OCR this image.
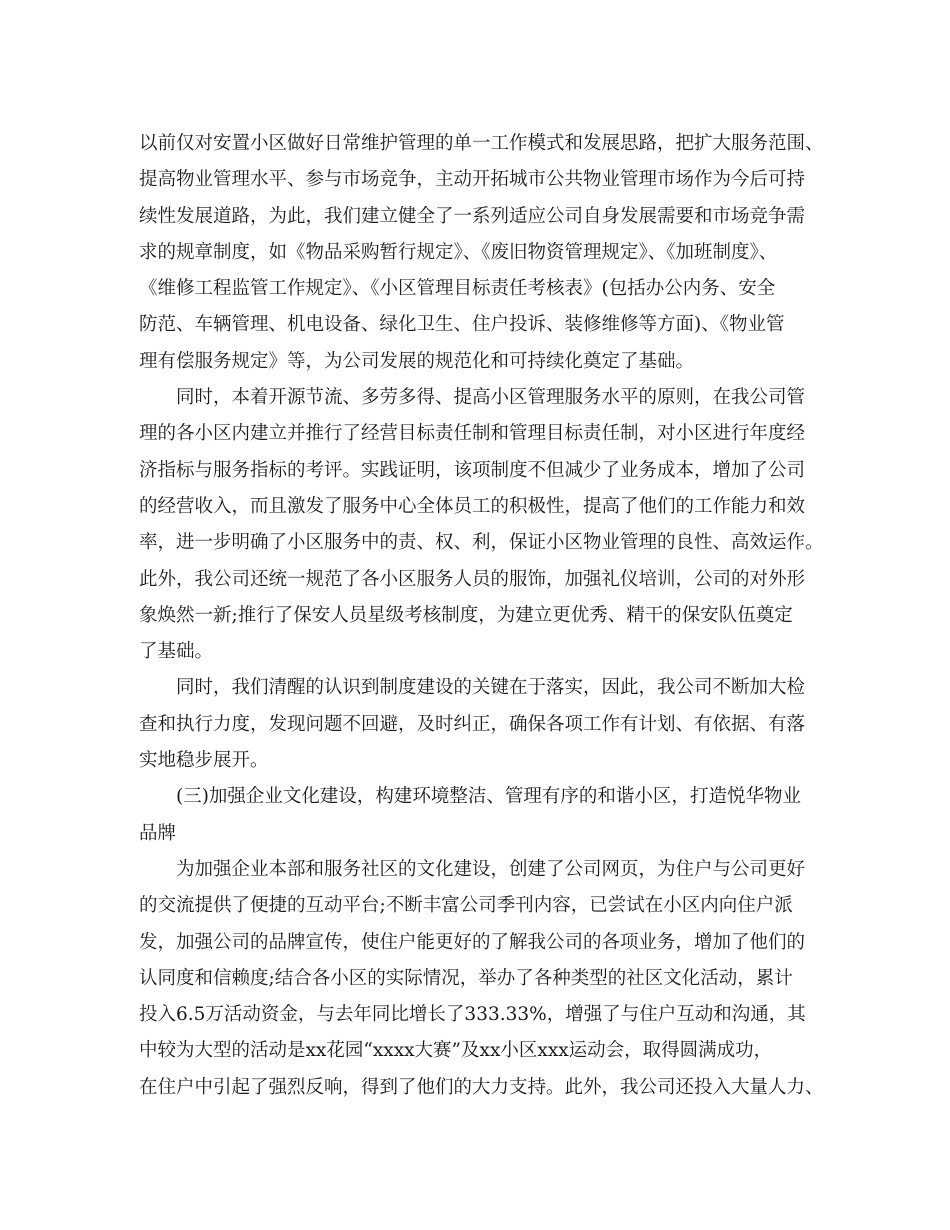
以前仅对安置小区做好日常维护管理的单一工作模式和发展思路，把扩大服务范围、
提高物业管理水平、参与市场竞争，主动开拓城市公共物业管理市场作为今后可持
续性发展道路，为此，我们建立健全了一系列适应公司自身发展需要和市场竞争需
求的规章制度，如《物品采购暂行规定》、《废旧物资管理规定》、《加班制度》、
《维修工程监管工作规定》、《小区管理目标责任考核表》(包括办公内务、安全
防范、车辆管理、机电设备、绿化卫生、住户投诉、装修维修等方面)、《物业管
理有偿服务规定》等，为公司发展的规范化和可持续化奠定了基础。
同时，本着开源节流、多劳多得、提高小区管理服务水平的原则，在我公司管
理的各小区内建立并推行了经营目标责任制和管理目标责任制，对小区进行年度经
济指标与服务指标的考评。实践证明，该项制度不但减少了业务成本，增加了公司
的经营收入，而且激发了服务中心全体员工的积极性，提高了他们的工作能力和效
率，进一步明确了小区服务中的责、权、利，保证小区物业管理的良性、高效运作。
此外，我公司还统一规范了各小区服务人员的服饰，加强礼仪培训，公司的对外形
象焕然一新;推行了保安人员星级考核制度，为建立更优秀、精干的保安队伍奠定
了基础。
同时，我们清醒的认识到制度建设的关键在于落实，因此，我公司不断加大检
查和执行力度，发现问题不回避，及时纠正，确保各项工作有计划、有依据、有落
实地稳步展开。
(三)加强企业文化建设，构建环境整洁、管理有序的和谐小区，打造悦华物业
品牌
为加强企业本部和服务社区的文化建设，创建了公司网页，为住户与公司更好
的交流提供了便捷的互动平台;不断丰富公司季刊内容，已尝试在小区内向住户派
发，加强公司的品牌宣传，使住户能更好的了解我公司的各项业务，增加了他们的
认同度和信赖度;结合各小区的实际情况，举办了各种类型的社区文化活动，累计
投入6.5万活动资金，与去年同比增长了333.33%，增强了与住户互动和沟通，其
中较为大型的活动是xx花园“xxxx大赛”及xx小区xxx运动会，取得圆满成功，
在住户中引起了强烈反响，得到了他们的大力支持。此外，我公司还投入大量人力、
